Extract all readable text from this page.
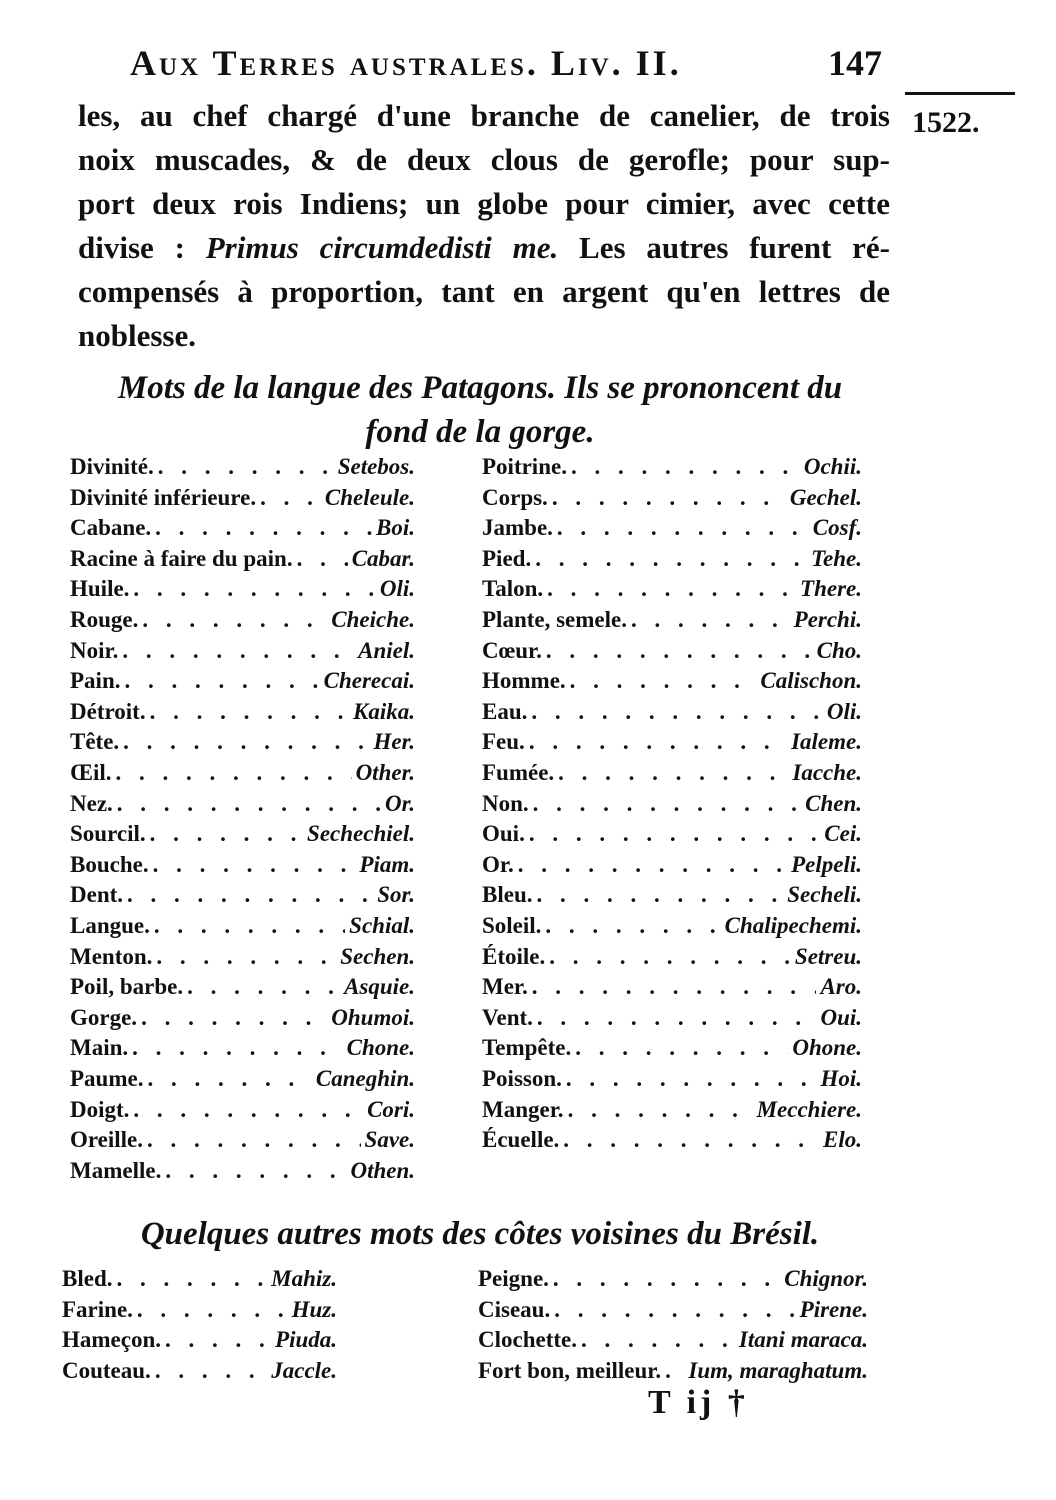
Aux Terres australes. Liv. II.	147
1522.
les, au chef chargé d'une branche de canelier, de trois
noix muscades, & de deux clous de gerofle; pour sup-
port deux rois Indiens; un globe pour cimier, avec cette
divise : Primus circumdedisti me. Les autres furent ré-
compensés à proportion, tant en argent qu'en lettres de
noblesse.
Mots de la langue des Patagons. Ils se prononcent du
fond de la gorge.
Divinité. . . .	Setebos.
Divinité inférieure. . . .	Cheleule.
Cabane. . . .	Boi.
Racine à faire du pain. . . .	Cabar.
Huile. . . .	Oli.
Rouge. . . .	Cheiche.
Noir. . . .	Aniel.
Pain. . . .	Cherecai.
Détroit. . . .	Kaika.
Tête. . . .	Her.
Œil. . . .	Other.
Nez. . . .	Or.
Sourcil. . . .	Sechechiel.
Bouche. . . .	Piam.
Dent. . . .	Sor.
Langue. . . .	Schial.
Menton. . . .	Sechen.
Poil, barbe. . . .	Asquie.
Gorge. . . .	Ohumoi.
Main. . . .	Chone.
Paume. . . .	Caneghin.
Doigt. . . .	Cori.
Oreille. . . .	Save.
Mamelle. . . .	Othen.
Poitrine. . . .	Ochii.
Corps. . . .	Gechel.
Jambe. . . .	Cosf.
Pied. . . .	Tehe.
Talon. . . .	There.
Plante, semele. . . .	Perchi.
Cœur. . . .	Cho.
Homme. . . .	Calischon.
Eau. . . .	Oli.
Feu. . . .	Ialeme.
Fumée. . . .	Iacche.
Non. . . .	Chen.
Oui. . . .	Cei.
Or. . . .	Pelpeli.
Bleu. . . .	Secheli.
Soleil. . . .	Chalipechemi.
Étoile. . . .	Setreu.
Mer. . . .	Aro.
Vent. . . .	Oui.
Tempête. . . .	Ohone.
Poisson. . . .	Hoi.
Manger. . . .	Mecchiere.
Écuelle. . . .	Elo.
Quelques autres mots des côtes voisines du Brésil.
Bled. . . .	Mahiz.
Farine. . . .	Huz.
Hameçon. . . .	Piuda.
Couteau. . . .	Jaccle.
Peigne. . . .	Chignor.
Ciseau. . . .	Pirene.
Clochette. . . .	Itani maraca.
Fort bon, meilleur. . . . Ium, maraghatum.
T ij †
